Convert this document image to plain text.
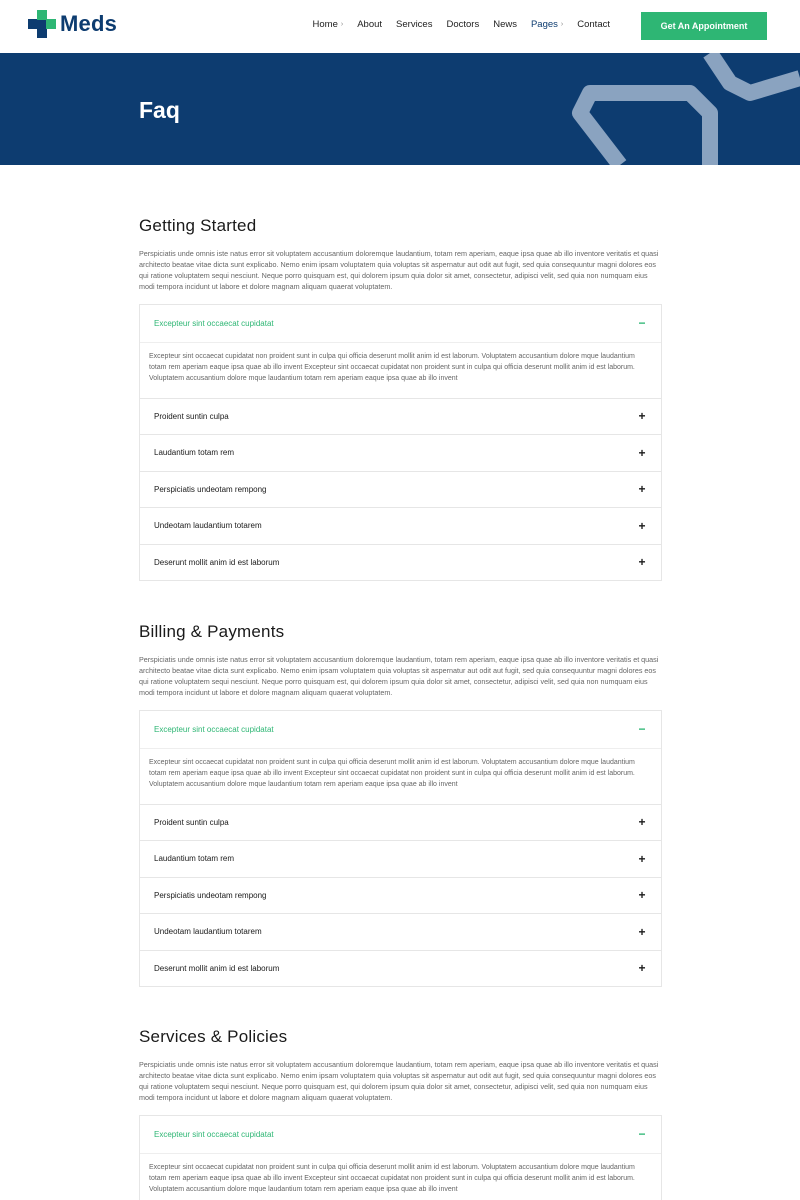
Meds	Home › About Services Doctors News Pages › Contact	Get An Appointment
Faq
Getting Started

Perspiciatis unde omnis iste natus error sit voluptatem accusantium doloremque laudantium, totam rem aperiam, eaque ipsa quae ab illo inventore veritatis et quasi architecto beatae vitae dicta sunt explicabo. Nemo enim ipsam voluptatem quia voluptas sit aspernatur aut odit aut fugit, sed quia consequuntur magni dolores eos qui ratione voluptatem sequi nesciunt. Neque porro quisquam est, qui dolorem ipsum quia dolor sit amet, consectetur, adipisci velit, sed quia non numquam eius modi tempora incidunt ut labore et dolore magnam aliquam quaerat voluptatem.

Excepteur sint occaecat cupidatat	−
Excepteur sint occaecat cupidatat non proident sunt in culpa qui officia deserunt mollit anim id est laborum. Voluptatem accusantium dolore mque laudantium totam rem aperiam eaque ipsa quae ab illo invent Excepteur sint occaecat cupidatat non proident sunt in culpa qui officia deserunt mollit anim id est laborum. Voluptatem accusantium dolore mque laudantium totam rem aperiam eaque ipsa quae ab illo invent
Proident suntin culpa	+
Laudantium totam rem	+
Perspiciatis undeotam rempong	+
Undeotam laudantium totarem	+
Deserunt mollit anim id est laborum	+
Billing & Payments

Perspiciatis unde omnis iste natus error sit voluptatem accusantium doloremque laudantium, totam rem aperiam, eaque ipsa quae ab illo inventore veritatis et quasi architecto beatae vitae dicta sunt explicabo. Nemo enim ipsam voluptatem quia voluptas sit aspernatur aut odit aut fugit, sed quia consequuntur magni dolores eos qui ratione voluptatem sequi nesciunt. Neque porro quisquam est, qui dolorem ipsum quia dolor sit amet, consectetur, adipisci velit, sed quia non numquam eius modi tempora incidunt ut labore et dolore magnam aliquam quaerat voluptatem.

Excepteur sint occaecat cupidatat	−
Excepteur sint occaecat cupidatat non proident sunt in culpa qui officia deserunt mollit anim id est laborum. Voluptatem accusantium dolore mque laudantium totam rem aperiam eaque ipsa quae ab illo invent Excepteur sint occaecat cupidatat non proident sunt in culpa qui officia deserunt mollit anim id est laborum. Voluptatem accusantium dolore mque laudantium totam rem aperiam eaque ipsa quae ab illo invent
Proident suntin culpa	+
Laudantium totam rem	+
Perspiciatis undeotam rempong	+
Undeotam laudantium totarem	+
Deserunt mollit anim id est laborum	+
Services & Policies

Perspiciatis unde omnis iste natus error sit voluptatem accusantium doloremque laudantium, totam rem aperiam, eaque ipsa quae ab illo inventore veritatis et quasi architecto beatae vitae dicta sunt explicabo. Nemo enim ipsam voluptatem quia voluptas sit aspernatur aut odit aut fugit, sed quia consequuntur magni dolores eos qui ratione voluptatem sequi nesciunt. Neque porro quisquam est, qui dolorem ipsum quia dolor sit amet, consectetur, adipisci velit, sed quia non numquam eius modi tempora incidunt ut labore et dolore magnam aliquam quaerat voluptatem.

Excepteur sint occaecat cupidatat	−
Excepteur sint occaecat cupidatat non proident sunt in culpa qui officia deserunt mollit anim id est laborum. Voluptatem accusantium dolore mque laudantium totam rem aperiam eaque ipsa quae ab illo invent Excepteur sint occaecat cupidatat non proident sunt in culpa qui officia deserunt mollit anim id est laborum. Voluptatem accusantium dolore mque laudantium totam rem aperiam eaque ipsa quae ab illo invent
